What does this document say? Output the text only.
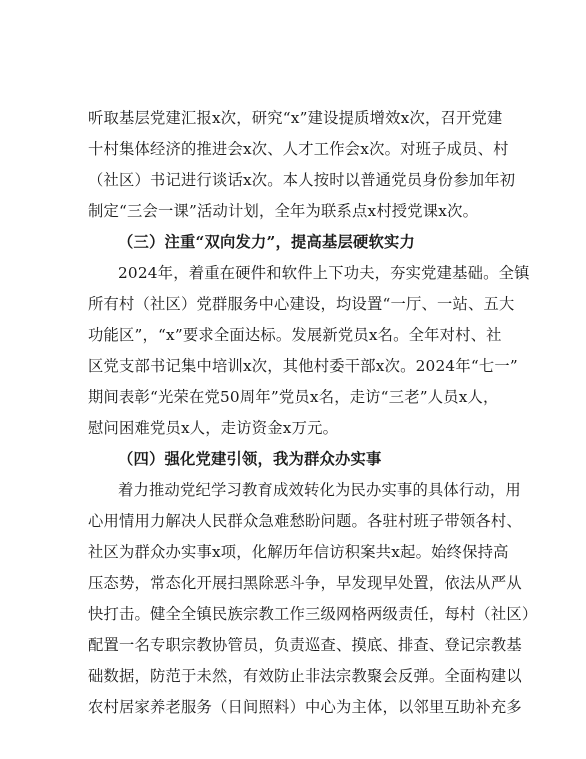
听取基层党建汇报x次，研究“x”建设提质增效x次，召开党建
十村集体经济的推进会x次、人才工作会x次。对班子成员、村
（社区）书记进行谈话x次。本人按时以普通党员身份参加年初
制定“三会一课”活动计划，全年为联系点x村授党课x次。
（三）注重“双向发力”，提高基层硬软实力
2024年，着重在硬件和软件上下功夫，夯实党建基础。全镇
所有村（社区）党群服务中心建设，均设置“一厅、一站、五大
功能区”，“x”要求全面达标。发展新党员x名。全年对村、社
区党支部书记集中培训x次，其他村委干部x次。2024年“七一”
期间表彰“光荣在党50周年”党员x名，走访“三老”人员x人，
慰问困难党员x人，走访资金x万元。
（四）强化党建引领，我为群众办实事
着力推动党纪学习教育成效转化为民办实事的具体行动，用
心用情用力解决人民群众急难愁盼问题。各驻村班子带领各村、
社区为群众办实事x项，化解历年信访积案共x起。始终保持高
压态势，常态化开展扫黑除恶斗争，早发现早处置，依法从严从
快打击。健全全镇民族宗教工作三级网格两级责任，每村（社区）
配置一名专职宗教协管员，负责巡查、摸底、排查、登记宗教基
础数据，防范于未然，有效防止非法宗教聚会反弹。全面构建以
农村居家养老服务（日间照料）中心为主体，以邻里互助补充多
